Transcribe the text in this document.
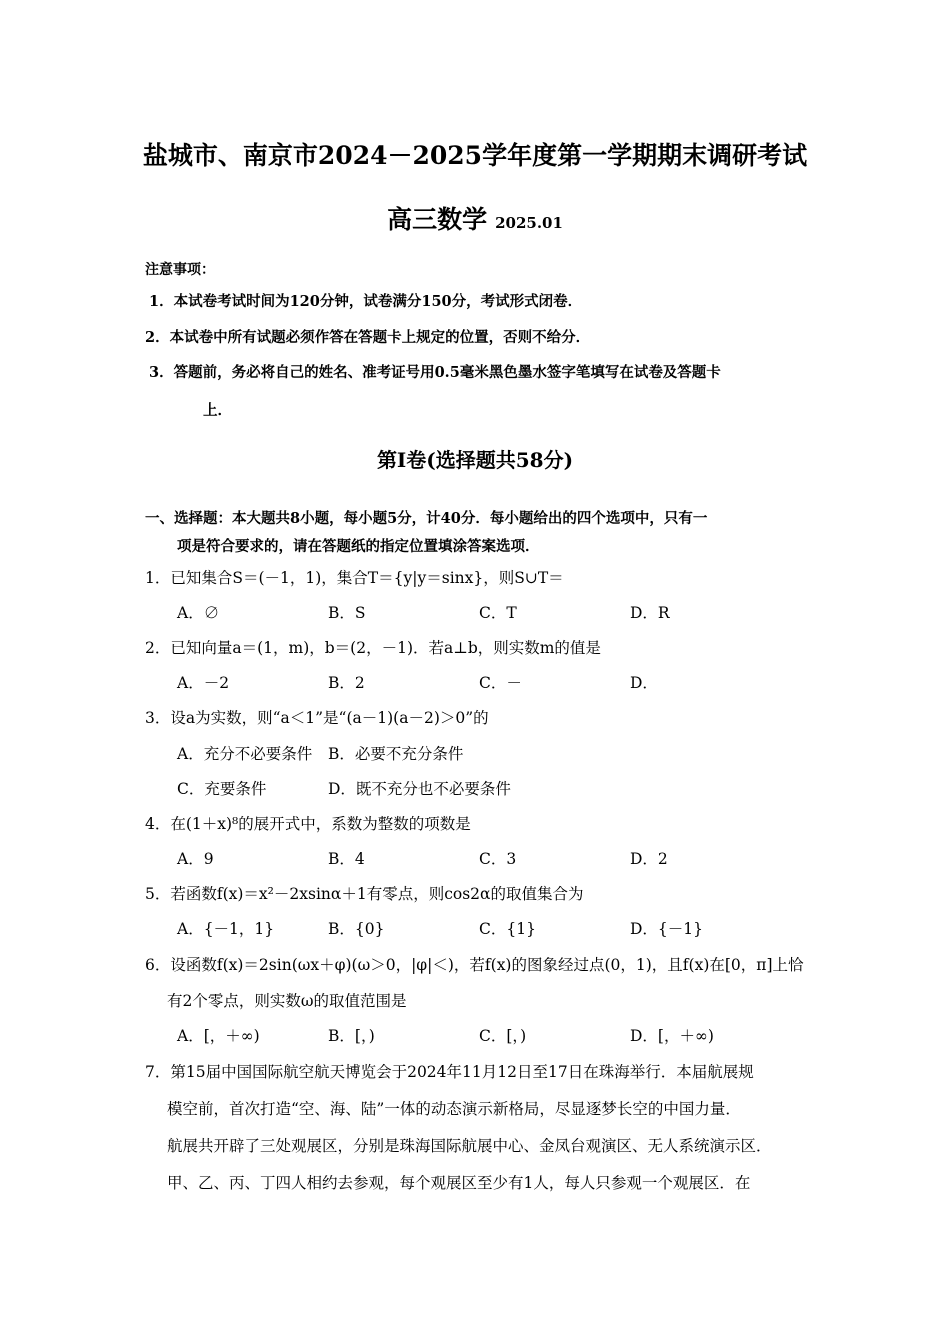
盐城市、南京市2024－2025学年度第一学期期末调研考试
高三数学 2025.01
注意事项：
1．本试卷考试时间为120分钟，试卷满分150分，考试形式闭卷．
2．本试卷中所有试题必须作答在答题卡上规定的位置，否则不给分．
3．答题前，务必将自己的姓名、准考证号用0.5毫米黑色墨水签字笔填写在试卷及答题卡
上．
第Ⅰ卷(选择题共58分)
一、选择题：本大题共8小题，每小题5分，计40分．每小题给出的四个选项中，只有一
项是符合要求的，请在答题纸的指定位置填涂答案选项．
1．已知集合S＝(－1，1)，集合T＝{y|y＝sinx}，则S∪T＝
A．∅	B．S	C．T	D．R
2．已知向量a＝(1，m)，b＝(2，－1)．若a⊥b，则实数m的值是
A．－2	B．2	C．－	D．
3．设a为实数，则“a＜1”是“(a－1)(a－2)＞0”的
A．充分不必要条件 B．必要不充分条件
C．充要条件	D．既不充分也不必要条件
4．在(1＋x)⁸的展开式中，系数为整数的项数是
A．9	B．4	C．3	D．2
5．若函数f(x)＝x²－2xsinα＋1有零点，则cos2α的取值集合为
A．{－1，1}	B．{0}	C．{1}	D．{－1}
6．设函数f(x)＝2sin(ωx＋φ)(ω＞0，|φ|＜)，若f(x)的图象经过点(0，1)，且f(x)在[0，π]上恰
有2个零点，则实数ω的取值范围是
A．[，＋∞)	B．[，)	C．[，)	D．[，＋∞)
7．第15届中国国际航空航天博览会于2024年11月12日至17日在珠海举行．本届航展规
模空前，首次打造“空、海、陆”一体的动态演示新格局，尽显逐梦长空的中国力量．
航展共开辟了三处观展区，分别是珠海国际航展中心、金凤台观演区、无人系统演示区．
甲、乙、丙、丁四人相约去参观，每个观展区至少有1人，每人只参观一个观展区．在
